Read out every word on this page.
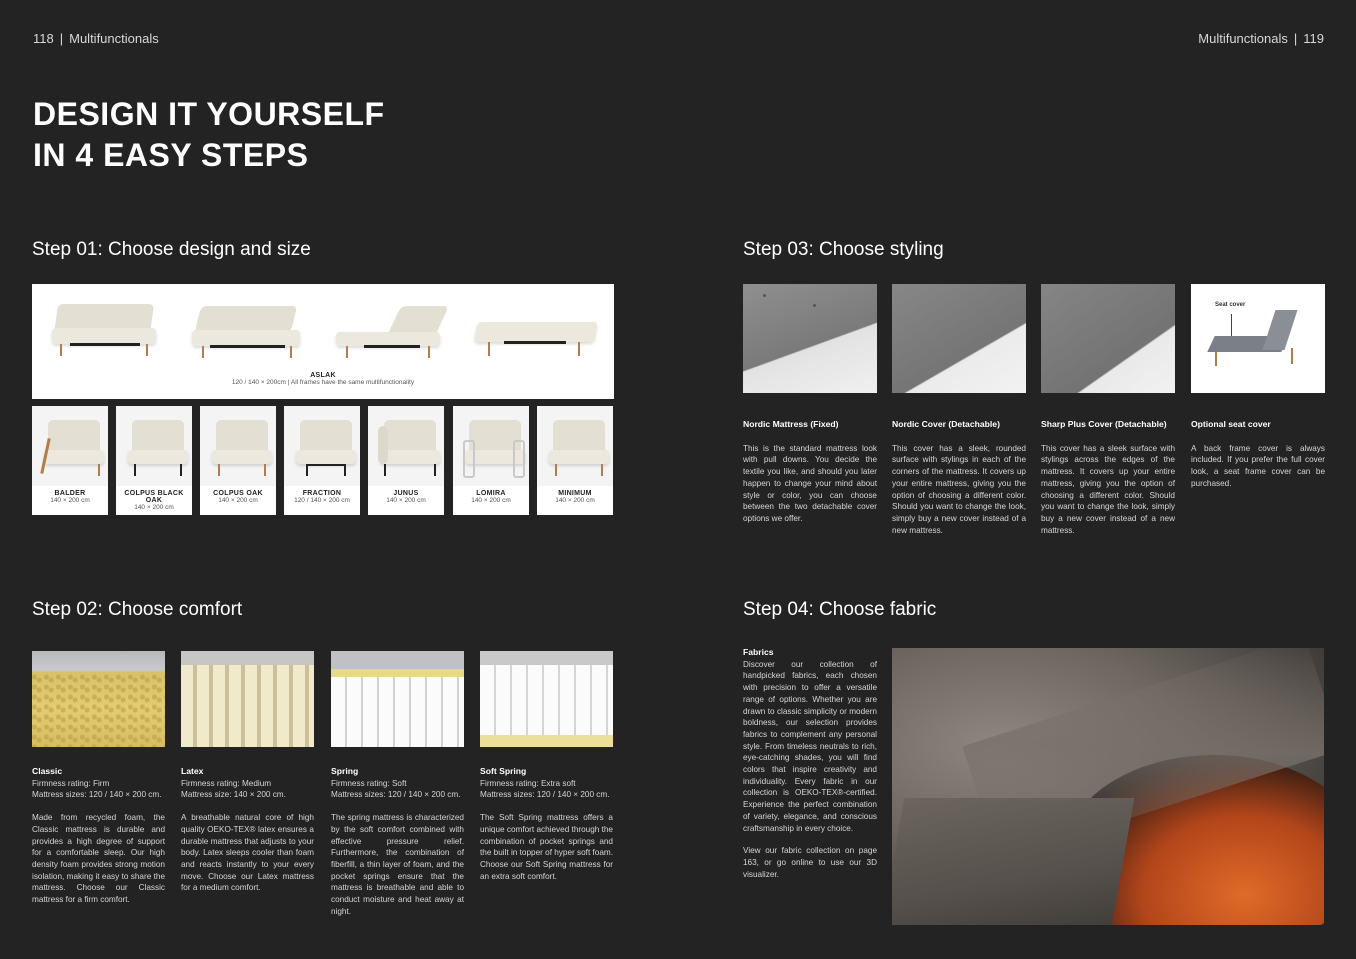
118 | Multifunctionals	Multifunctionals | 119
DESIGN IT YOURSELF
IN 4 EASY STEPS
Step 01: Choose design and size
ASLAK
120 / 140 × 200cm | All frames have the same multifunctionality
BALDER
140 × 200 cm
COLPUS BLACK OAK
140 × 200 cm
COLPUS OAK
140 × 200 cm
FRACTION
120 / 140 × 200 cm
JUNUS
140 × 200 cm
LOMIRA
140 × 200 cm
MINIMUM
140 × 200 cm
Step 02: Choose comfort

Classic

Firmness rating: Firm

Mattress sizes: 120 / 140 × 200 cm.

Made from recycled foam, the Classic mattress is durable and provides a high degree of support for a comfortable sleep. Our high density foam provides strong motion isolation, making it easy to share the mattress. Choose our Classic mattress for a firm comfort.

Latex

Firmness rating: Medium

Mattress size: 140 × 200 cm.

A breathable natural core of high quality OEKO-TEX® latex ensures a durable mattress that adjusts to your body. Latex sleeps cooler than foam and reacts instantly to your every move. Choose our Latex mattress for a medium comfort.

Spring

Firmness rating: Soft

Mattress sizes: 120 / 140 × 200 cm.

The spring mattress is characterized by the soft comfort combined with effective pressure relief. Furthermore, the combination of fiberfill, a thin layer of foam, and the pocket springs ensure that the mattress is breathable and able to conduct moisture and heat away at night.

Soft Spring

Firmness rating: Extra soft

Mattress sizes: 120 / 140 × 200 cm.

The Soft Spring mattress offers a unique comfort achieved through the combination of pocket springs and the built in topper of hyper soft foam. Choose our Soft Spring mattress for an extra soft comfort.

Step 03: Choose styling
Seat cover
Nordic Mattress (Fixed)
This is the standard mattress look with pull downs. You decide the textile you like, and should you later happen to change your mind about style or color, you can choose between the two detachable cover options we offer.
Nordic Cover (Detachable)
This cover has a sleek, rounded surface with stylings in each of the corners of the mattress. It covers up your entire mattress, giving you the option of choosing a different color. Should you want to change the look, simply buy a new cover instead of a new mattress.
Sharp Plus Cover (Detachable)
This cover has a sleek surface with stylings across the edges of the mattress. It covers up your entire mattress, giving you the option of choosing a different color. Should you want to change the look, simply buy a new cover instead of a new mattress.
Optional seat cover
A back frame cover is always included. If you prefer the full cover look, a seat frame cover can be purchased.
Step 04: Choose fabric

Fabrics

Discover our collection of handpicked fabrics, each chosen with precision to offer a versatile range of options. Whether you are drawn to classic simplicity or modern boldness, our selection provides fabrics to complement any personal style. From timeless neutrals to rich, eye-catching shades, you will find colors that inspire creativity and individuality. Every fabric in our collection is OEKO-TEX®-certified. Experience the perfect combination of variety, elegance, and conscious craftsmanship in every choice.

View our fabric collection on page 163, or go online to use our 3D visualizer.
